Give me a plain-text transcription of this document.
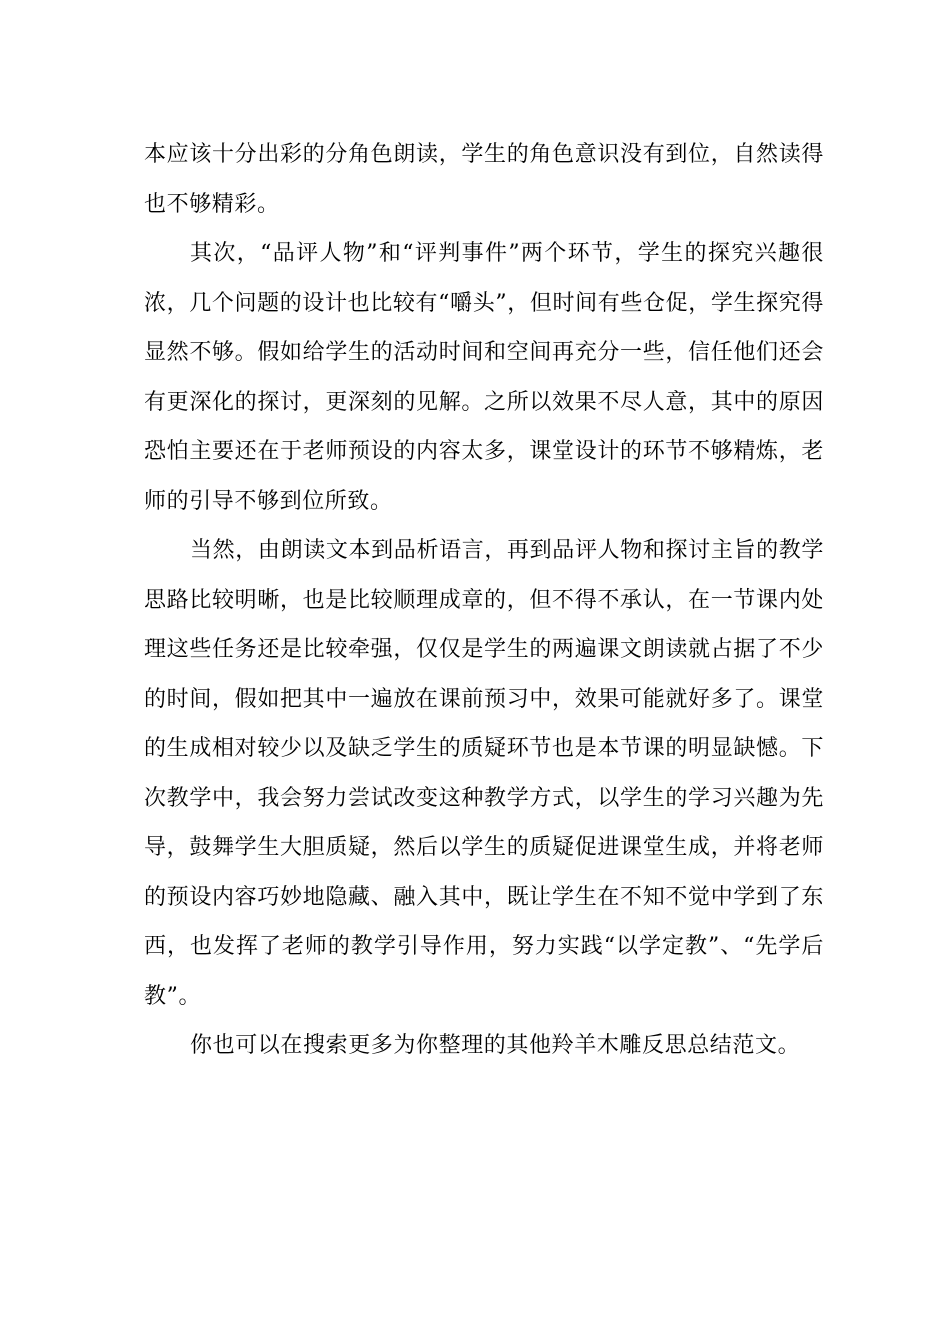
本应该十分出彩的分角色朗读，学生的角色意识没有到位，自然读得也不够精彩。

其次，“品评人物”和“评判事件”两个环节，学生的探究兴趣很浓，几个问题的设计也比较有“嚼头”，但时间有些仓促，学生探究得显然不够。假如给学生的活动时间和空间再充分一些，信任他们还会有更深化的探讨，更深刻的见解。之所以效果不尽人意，其中的原因恐怕主要还在于老师预设的内容太多，课堂设计的环节不够精炼，老师的引导不够到位所致。

当然，由朗读文本到品析语言，再到品评人物和探讨主旨的教学思路比较明晰，也是比较顺理成章的，但不得不承认，在一节课内处理这些任务还是比较牵强，仅仅是学生的两遍课文朗读就占据了不少的时间，假如把其中一遍放在课前预习中，效果可能就好多了。课堂的生成相对较少以及缺乏学生的质疑环节也是本节课的明显缺憾。下次教学中，我会努力尝试改变这种教学方式，以学生的学习兴趣为先导，鼓舞学生大胆质疑，然后以学生的质疑促进课堂生成，并将老师的预设内容巧妙地隐藏、融入其中，既让学生在不知不觉中学到了东西，也发挥了老师的教学引导作用，努力实践“以学定教”、“先学后教”。

你也可以在搜索更多为你整理的其他羚羊木雕反思总结范文。
